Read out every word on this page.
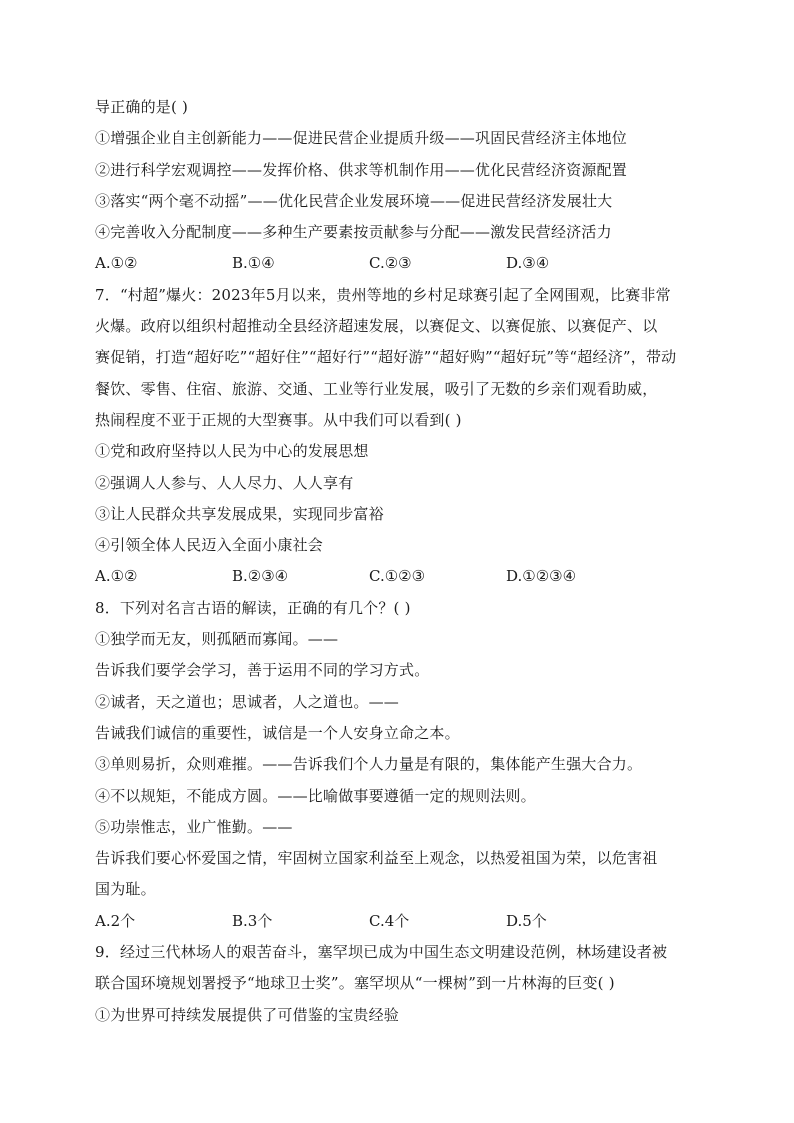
导正确的是( )
①增强企业自主创新能力——促进民营企业提质升级——巩固民营经济主体地位
②进行科学宏观调控——发挥价格、供求等机制作用——优化民营经济资源配置
③落实“两个毫不动摇”——优化民营企业发展环境——促进民营经济发展壮大
④完善收入分配制度——多种生产要素按贡献参与分配——激发民营经济活力
A.①②	B.①④	C.②③	D.③④
7．“村超”爆火：2023年5月以来，贵州等地的乡村足球赛引起了全网围观，比赛非常
火爆。政府以组织村超推动全县经济超速发展，以赛促文、以赛促旅、以赛促产、以
赛促销，打造“超好吃”“超好住”“超好行”“超好游”“超好购”“超好玩”等“超经济”，带动
餐饮、零售、住宿、旅游、交通、工业等行业发展，吸引了无数的乡亲们观看助威，
热闹程度不亚于正规的大型赛事。从中我们可以看到( )
①党和政府坚持以人民为中心的发展思想
②强调人人参与、人人尽力、人人享有
③让人民群众共享发展成果，实现同步富裕
④引领全体人民迈入全面小康社会
A.①②	B.②③④	C.①②③	D.①②③④
8．下列对名言古语的解读，正确的有几个？( )
①独学而无友，则孤陋而寡闻。——
告诉我们要学会学习，善于运用不同的学习方式。
②诚者，天之道也；思诚者，人之道也。——
告诫我们诚信的重要性，诚信是一个人安身立命之本。
③单则易折，众则难摧。——告诉我们个人力量是有限的，集体能产生强大合力。
④不以规矩，不能成方圆。——比喻做事要遵循一定的规则法则。
⑤功崇惟志，业广惟勤。——
告诉我们要心怀爱国之情，牢固树立国家利益至上观念，以热爱祖国为荣，以危害祖
国为耻。
A.2个	B.3个	C.4个	D.5个
9．经过三代林场人的艰苦奋斗，塞罕坝已成为中国生态文明建设范例，林场建设者被
联合国环境规划署授予“地球卫士奖”。塞罕坝从“一棵树”到一片林海的巨变( )
①为世界可持续发展提供了可借鉴的宝贵经验
